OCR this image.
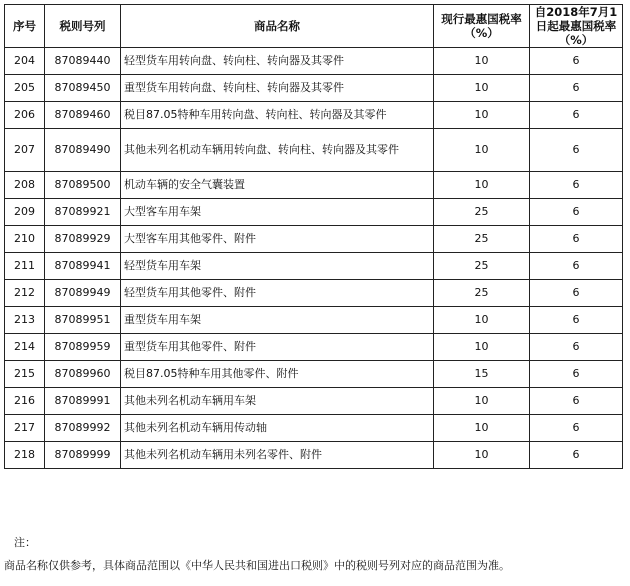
序号	税则号列	商品名称	现行最惠国税率（%）	自2018年7月1日起最惠国税率（%）
204	87089440	轻型货车用转向盘、转向柱、转向器及其零件	10	6
205	87089450	重型货车用转向盘、转向柱、转向器及其零件	10	6
206	87089460	税目87.05特种车用转向盘、转向柱、转向器及其零件	10	6
207	87089490	其他未列名机动车辆用转向盘、转向柱、转向器及其零件	10	6
208	87089500	机动车辆的安全气囊装置	10	6
209	87089921	大型客车用车架	25	6
210	87089929	大型客车用其他零件、附件	25	6
211	87089941	轻型货车用车架	25	6
212	87089949	轻型货车用其他零件、附件	25	6
213	87089951	重型货车用车架	10	6
214	87089959	重型货车用其他零件、附件	10	6
215	87089960	税目87.05特种车用其他零件、附件	15	6
216	87089991	其他未列名机动车辆用车架	10	6
217	87089992	其他未列名机动车辆用传动轴	10	6
218	87089999	其他未列名机动车辆用未列名零件、附件	10	6
注：
商品名称仅供参考，具体商品范围以《中华人民共和国进出口税则》中的税则号列对应的商品范围为准。
